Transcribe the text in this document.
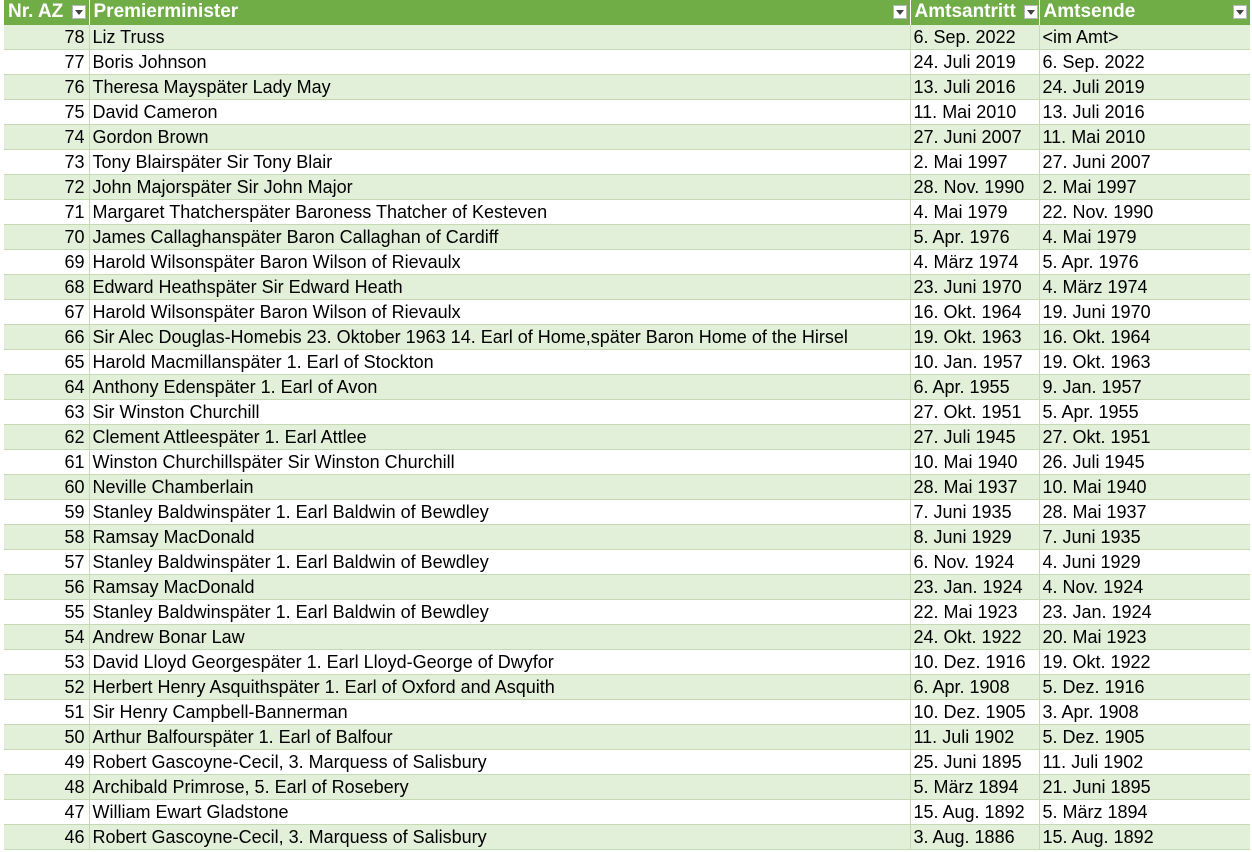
Nr. AZ	Premierminister	Amtsantritt	Amtsende

78	Liz Truss	6. Sep. 2022	<im Amt>
77	Boris Johnson	24. Juli 2019	6. Sep. 2022
76	Theresa Mayspäter Lady May	13. Juli 2016	24. Juli 2019
75	David Cameron	11. Mai 2010	13. Juli 2016
74	Gordon Brown	27. Juni 2007	11. Mai 2010
73	Tony Blairspäter Sir Tony Blair	2. Mai 1997	27. Juni 2007
72	John Majorspäter Sir John Major	28. Nov. 1990	2. Mai 1997
71	Margaret Thatcherspäter Baroness Thatcher of Kesteven	4. Mai 1979	22. Nov. 1990
70	James Callaghanspäter Baron Callaghan of Cardiff	5. Apr. 1976	4. Mai 1979
69	Harold Wilsonspäter Baron Wilson of Rievaulx	4. März 1974	5. Apr. 1976
68	Edward Heathspäter Sir Edward Heath	23. Juni 1970	4. März 1974
67	Harold Wilsonspäter Baron Wilson of Rievaulx	16. Okt. 1964	19. Juni 1970
66	Sir Alec Douglas-Homebis 23. Oktober 1963 14. Earl of Home,später Baron Home of the Hirsel	19. Okt. 1963	16. Okt. 1964
65	Harold Macmillanspäter 1. Earl of Stockton	10. Jan. 1957	19. Okt. 1963
64	Anthony Edenspäter 1. Earl of Avon	6. Apr. 1955	9. Jan. 1957
63	Sir Winston Churchill	27. Okt. 1951	5. Apr. 1955
62	Clement Attleespäter 1. Earl Attlee	27. Juli 1945	27. Okt. 1951
61	Winston Churchillspäter Sir Winston Churchill	10. Mai 1940	26. Juli 1945
60	Neville Chamberlain	28. Mai 1937	10. Mai 1940
59	Stanley Baldwinspäter 1. Earl Baldwin of Bewdley	7. Juni 1935	28. Mai 1937
58	Ramsay MacDonald	8. Juni 1929	7. Juni 1935
57	Stanley Baldwinspäter 1. Earl Baldwin of Bewdley	6. Nov. 1924	4. Juni 1929
56	Ramsay MacDonald	23. Jan. 1924	4. Nov. 1924
55	Stanley Baldwinspäter 1. Earl Baldwin of Bewdley	22. Mai 1923	23. Jan. 1924
54	Andrew Bonar Law	24. Okt. 1922	20. Mai 1923
53	David Lloyd Georgespäter 1. Earl Lloyd-George of Dwyfor	10. Dez. 1916	19. Okt. 1922
52	Herbert Henry Asquithspäter 1. Earl of Oxford and Asquith	6. Apr. 1908	5. Dez. 1916
51	Sir Henry Campbell-Bannerman	10. Dez. 1905	3. Apr. 1908
50	Arthur Balfourspäter 1. Earl of Balfour	11. Juli 1902	5. Dez. 1905
49	Robert Gascoyne-Cecil, 3. Marquess of Salisbury	25. Juni 1895	11. Juli 1902
48	Archibald Primrose, 5. Earl of Rosebery	5. März 1894	21. Juni 1895
47	William Ewart Gladstone	15. Aug. 1892	5. März 1894
46	Robert Gascoyne-Cecil, 3. Marquess of Salisbury	3. Aug. 1886	15. Aug. 1892
